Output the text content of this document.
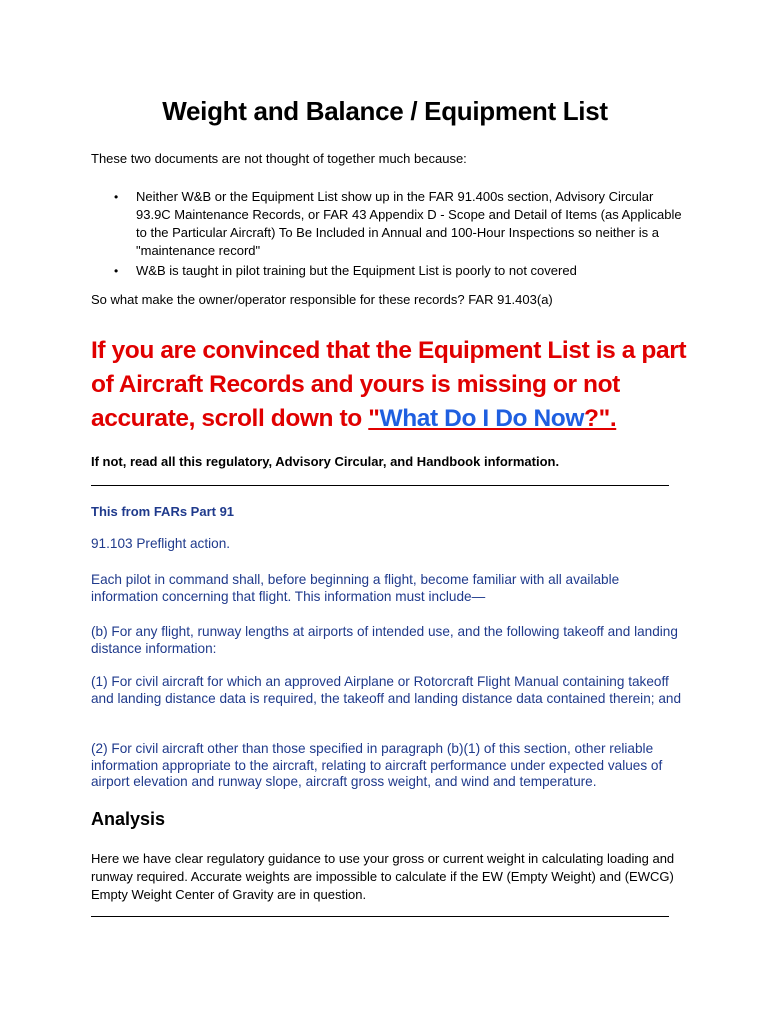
Weight and Balance / Equipment List
These two documents are not thought of together much because:
• Neither W&B or the Equipment List show up in the FAR 91.400s section, Advisory Circular 93.9C Maintenance Records, or FAR 43 Appendix D - Scope and Detail of Items (as Applicable to the Particular Aircraft) To Be Included in Annual and 100-Hour Inspections so neither is a "maintenance record"
• W&B is taught in pilot training but the Equipment List is poorly to not covered
So what make the owner/operator responsible for these records? FAR 91.403(a)
If you are convinced that the Equipment List is a part of Aircraft Records and yours is missing or not accurate, scroll down to "What Do I Do Now?".
If not, read all this regulatory, Advisory Circular, and Handbook information.
This from FARs Part 91
91.103 Preflight action.
Each pilot in command shall, before beginning a flight, become familiar with all available information concerning that flight. This information must include—
(b) For any flight, runway lengths at airports of intended use, and the following takeoff and landing distance information:
(1) For civil aircraft for which an approved Airplane or Rotorcraft Flight Manual containing takeoff and landing distance data is required, the takeoff and landing distance data contained therein; and
(2) For civil aircraft other than those specified in paragraph (b)(1) of this section, other reliable information appropriate to the aircraft, relating to aircraft performance under expected values of airport elevation and runway slope, aircraft gross weight, and wind and temperature.
Analysis
Here we have clear regulatory guidance to use your gross or current weight in calculating loading and runway required. Accurate weights are impossible to calculate if the EW (Empty Weight) and (EWCG) Empty Weight Center of Gravity are in question.
